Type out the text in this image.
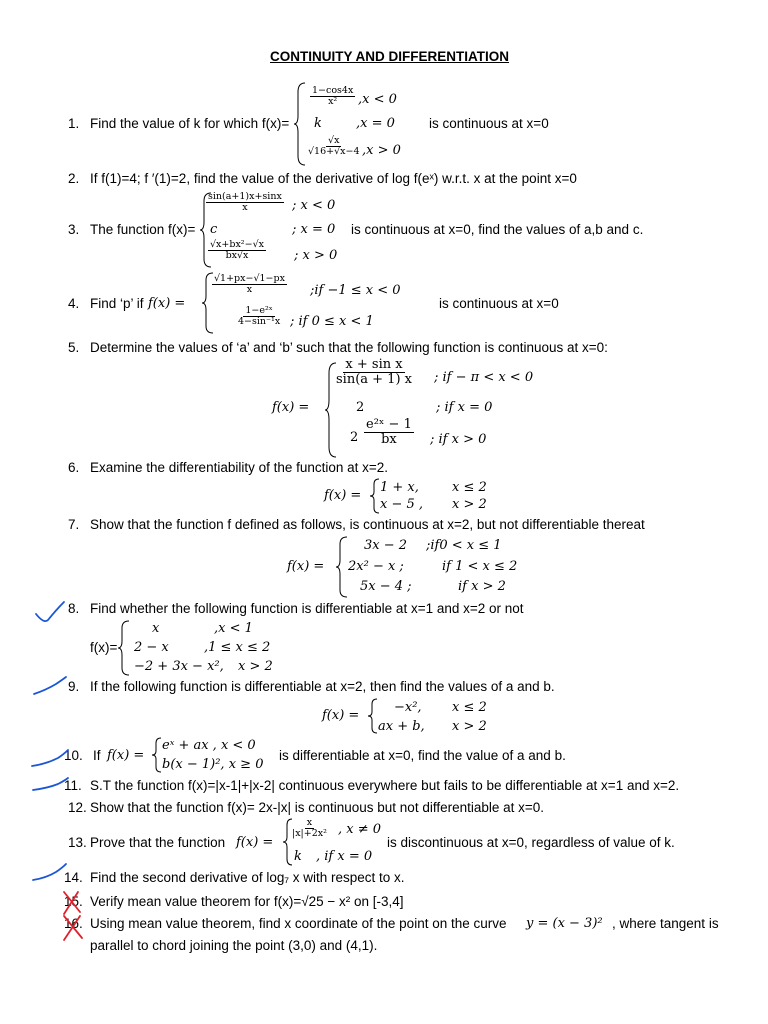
CONTINUITY AND DIFFERENTIATION
1. Find the value of k for which f(x)=
$\frac{1-\cos 4x}{\text{x²}} ,x < 0$
k	,x = 0
$\frac{√x}{√16+√x-4} ,x > 0$
is continuous at x=0
2. If f(1)=4; f ′(1)=2, find the value of the derivative of log f(eˣ) w.r.t. x at the point x=0
3. The function f(x)=
$\frac{\sin(a+1)x+\sin x}{x}$ ; x < 0
c	; x = 0
$\frac{\text{√x+bx²−√x}}{bx√x}$ ; x > 0
is continuous at x=0, find the values of a,b and c.
4. Find ‘p’ if f(x) =
$\frac{√1+px-√1-px}{x}$ ;if −1 ≤ x < 0
$\frac{\text{1−e²ˣ}}{\text{4−sin⁻¹x}}$ ; if 0 ≤ x < 1
is continuous at x=0
5. Determine the values of ‘a’ and ‘b’ such that the following function is continuous at x=0:
f(x) =
$\frac{\text{x + sin x}}{\sin(a + 1) x}$ ; if − π < x < 0
2	; if x = 0
$2 \frac{\text{e²ˣ − 1}}{bx}$ ; if x > 0
6. Examine the differentiability of the function at x=2.
f(x) =
1 + x,	x ≤ 2
x − 5 , x > 2
7. Show that the function f defined as follows, is continuous at x=2, but not differentiable thereat
f(x) =
3x − 2 ;if0 < x ≤ 1
2x² − x ;	if 1 < x ≤ 2
5x − 4 ;	if x > 2
8. Find whether the following function is differentiable at x=1 and x=2 or not
f(x)=
x	,x < 1
2 − x	,1 ≤ x ≤ 2
−2 + 3x − x², x > 2
9. If the following function is differentiable at x=2, then find the values of a and b.
f(x) =
−x², x ≤ 2
ax + b, x > 2
10. If f(x) =
eˣ + ax , x < 0
b(x − 1)², x ≥ 0
is differentiable at x=0, find the value of a and b.
11. S.T the function f(x)=|x-1|+|x-2| continuous everywhere but fails to be differentiable at x=1 and x=2.
12. Show that the function f(x)= 2x-|x| is continuous but not differentiable at x=0.
13. Prove that the function f(x) =
$\frac{x}{\text{|x|+2x²}}$ , x ≠ 0
k , if x = 0
is discontinuous at x=0, regardless of value of k.
14. Find the second derivative of log₇ x with respect to x.
15. Verify mean value theorem for f(x)=√25 − x² on [-3,4]
16. Using mean value theorem, find x coordinate of the point on the curve y = (x − 3)² , where tangent is
parallel to chord joining the point (3,0) and (4,1).
